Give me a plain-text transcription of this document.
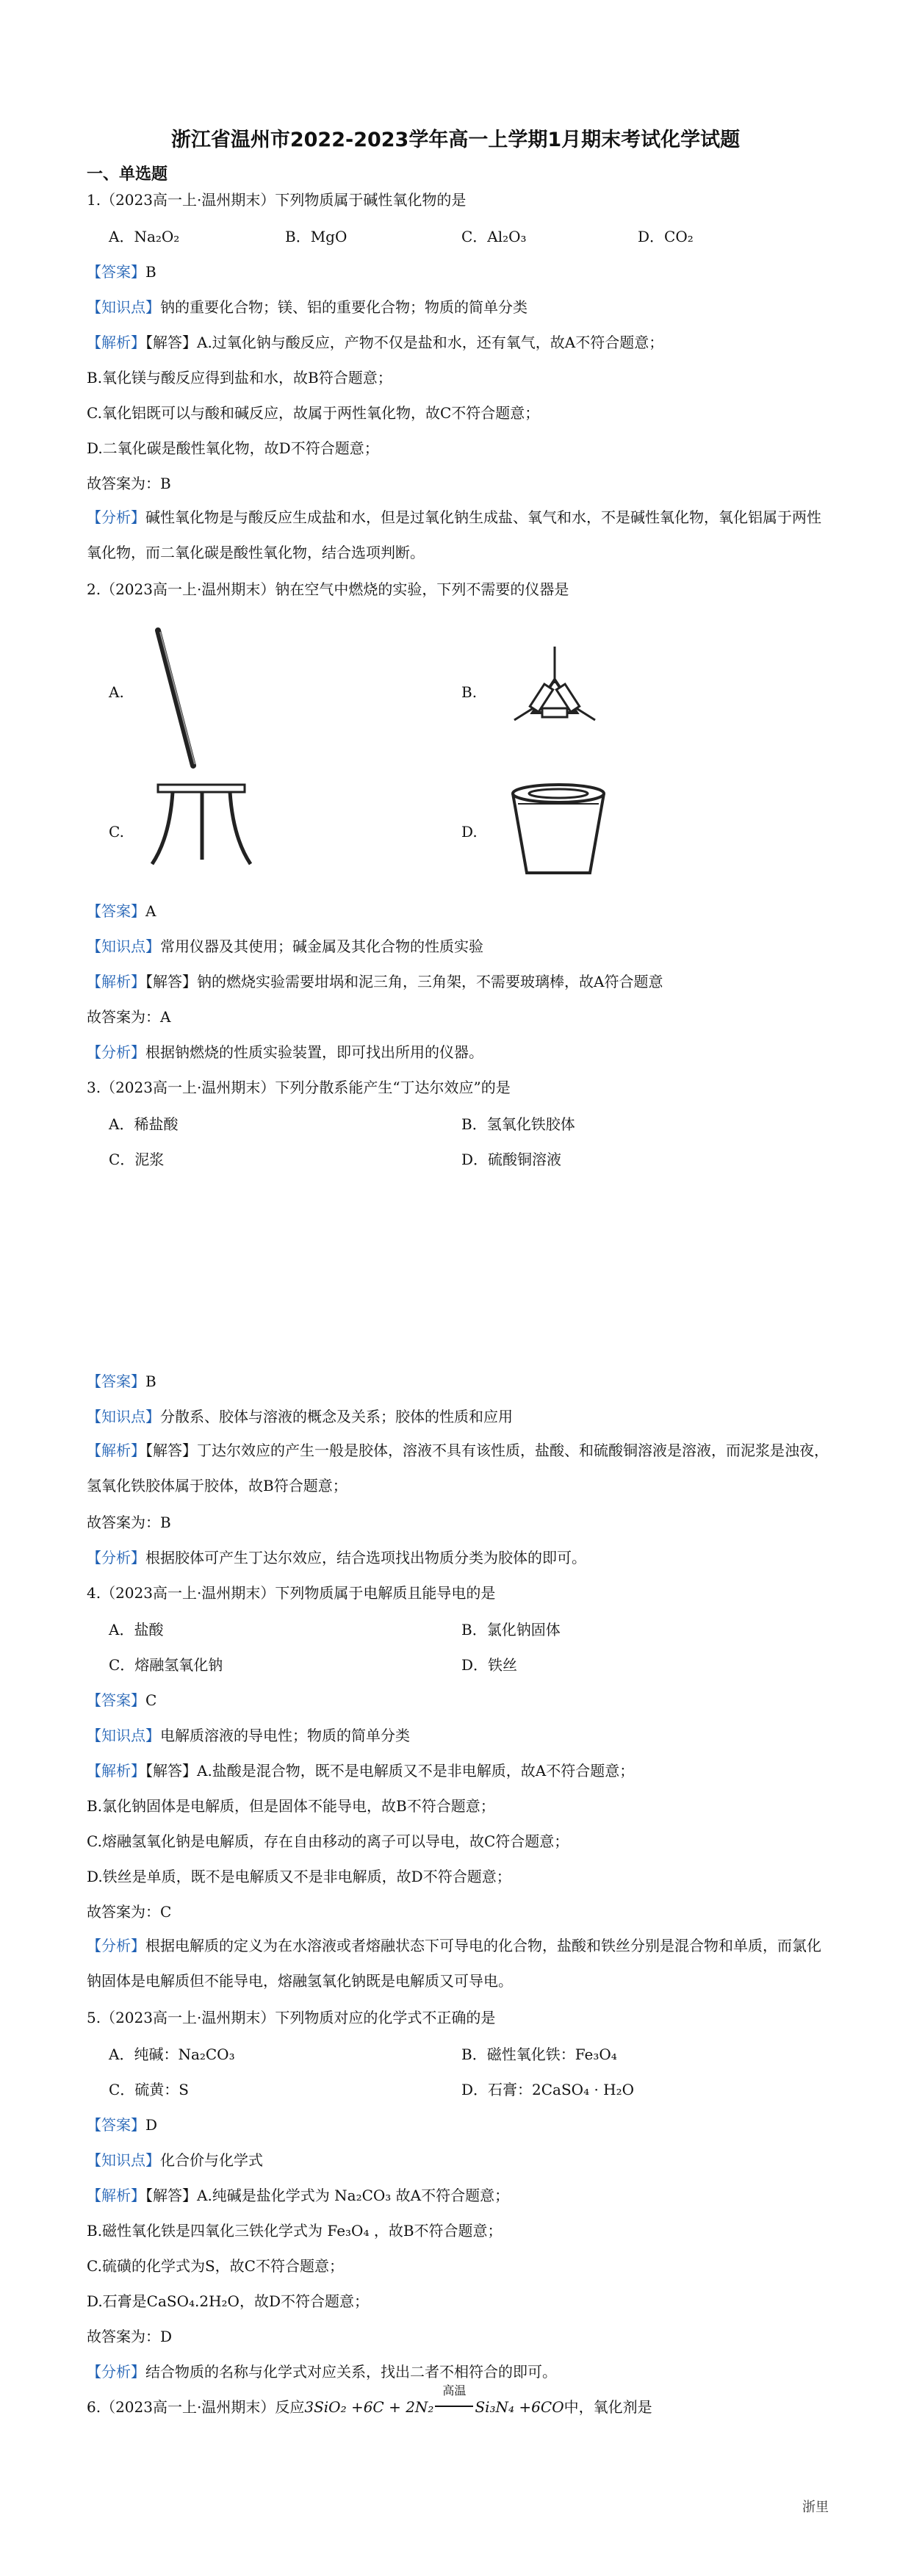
浙江省温州市2022-2023学年高一上学期1月期末考试化学试题
一、单选题
1.（2023高一上·温州期末）下列物质属于碱性氧化物的是
A．Na₂O₂	B．MgO	C．Al₂O₃	D．CO₂
【答案】B
【知识点】钠的重要化合物；镁、铝的重要化合物；物质的简单分类
【解析】【解答】A.过氧化钠与酸反应，产物不仅是盐和水，还有氧气，故A不符合题意；
B.氧化镁与酸反应得到盐和水，故B符合题意；
C.氧化铝既可以与酸和碱反应，故属于两性氧化物，故C不符合题意；
D.二氧化碳是酸性氧化物，故D不符合题意；
故答案为：B
【分析】碱性氧化物是与酸反应生成盐和水，但是过氧化钠生成盐、氧气和水，不是碱性氧化物，氧化铝属于两性氧化物，而二氧化碳是酸性氧化物，结合选项判断。
2.（2023高一上·温州期末）钠在空气中燃烧的实验，下列不需要的仪器是
A.	B.
C.	D.
【答案】A
【知识点】常用仪器及其使用；碱金属及其化合物的性质实验
【解析】【解答】钠的燃烧实验需要坩埚和泥三角，三角架，不需要玻璃棒，故A符合题意
故答案为：A
【分析】根据钠燃烧的性质实验装置，即可找出所用的仪器。
3.（2023高一上·温州期末）下列分散系能产生“丁达尔效应”的是
A．稀盐酸	B．氢氧化铁胶体
C．泥浆	D．硫酸铜溶液
【答案】B
【知识点】分散系、胶体与溶液的概念及关系；胶体的性质和应用
【解析】【解答】丁达尔效应的产生一般是胶体，溶液不具有该性质，盐酸、和硫酸铜溶液是溶液，而泥浆是浊夜，氢氧化铁胶体属于胶体，故B符合题意；
故答案为：B
【分析】根据胶体可产生丁达尔效应，结合选项找出物质分类为胶体的即可。
4.（2023高一上·温州期末）下列物质属于电解质且能导电的是
A．盐酸	B．氯化钠固体
C．熔融氢氧化钠	D．铁丝
【答案】C
【知识点】电解质溶液的导电性；物质的简单分类
【解析】【解答】A.盐酸是混合物，既不是电解质又不是非电解质，故A不符合题意；
B.氯化钠固体是电解质，但是固体不能导电，故B不符合题意；
C.熔融氢氧化钠是电解质，存在自由移动的离子可以导电，故C符合题意；
D.铁丝是单质，既不是电解质又不是非电解质，故D不符合题意；
故答案为：C
【分析】根据电解质的定义为在水溶液或者熔融状态下可导电的化合物，盐酸和铁丝分别是混合物和单质，而氯化钠固体是电解质但不能导电，熔融氢氧化钠既是电解质又可导电。
5.（2023高一上·温州期末）下列物质对应的化学式不正确的是
A．纯碱：Na₂CO₃	B．磁性氧化铁：Fe₃O₄
C．硫黄：S	D．石膏：2CaSO₄ · H₂O
【答案】D
【知识点】化合价与化学式
【解析】【解答】A.纯碱是盐化学式为 Na₂CO₃ 故A不符合题意；
B.磁性氧化铁是四氧化三铁化学式为 Fe₃O₄ ，故B不符合题意；
C.硫磺的化学式为S，故C不符合题意；
D.石膏是CaSO₄.2H₂O，故D不符合题意；
故答案为：D
【分析】结合物质的名称与化学式对应关系，找出二者不相符合的即可。
6.（2023高一上·温州期末）反应3SiO₂ +6C + 2N₂
高温
Si₃N₄ +6CO中，氧化剂是
浙里
